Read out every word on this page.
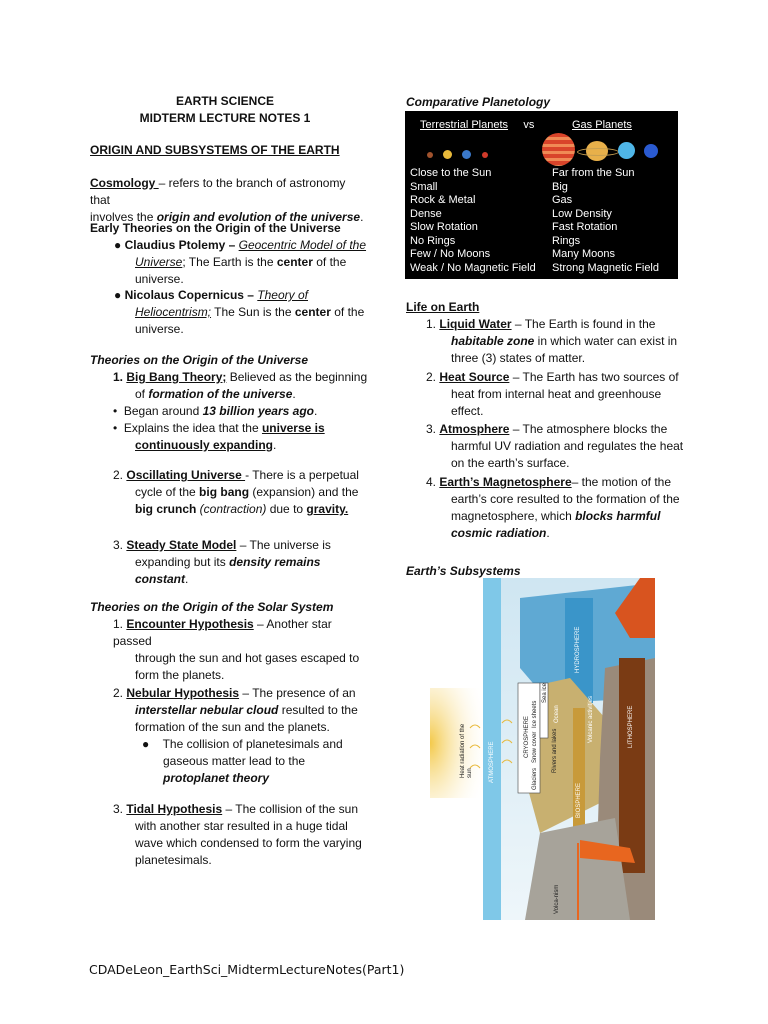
EARTH SCIENCE
MIDTERM LECTURE NOTES 1
ORIGIN AND SUBSYSTEMS OF THE EARTH

Cosmology – refers to the branch of astronomy that

involves the origin and evolution of the universe.

Early Theories on the Origin of the Universe

● Claudius Ptolemy – Geocentric Model of the

Universe; The Earth is the center of the

universe.

● Nicolaus Copernicus – Theory of

Heliocentrism; The Sun is the center of the

universe.

Theories on the Origin of the Universe

1. Big Bang Theory; Believed as the beginning

of formation of the universe.

• Began around 13 billion years ago.

• Explains the idea that the universe is

continuously expanding.

2. Oscillating Universe - There is a perpetual

cycle of the big bang (expansion) and the

big crunch (contraction) due to gravity.

3. Steady State Model – The universe is

expanding but its density remains

constant.

Theories on the Origin of the Solar System

1. Encounter Hypothesis – Another star passed

through the sun and hot gases escaped to

form the planets.

2. Nebular Hypothesis – The presence of an

interstellar nebular cloud resulted to the

formation of the sun and the planets.

● The collision of planetesimals and

gaseous matter lead to the

protoplanet theory

3. Tidal Hypothesis – The collision of the sun

with another star resulted in a huge tidal

wave which condensed to form the varying

planetesimals.

Comparative Planetology
Terrestrial Planets vs	Gas Planets
Close to the Sun
Small
Rock & Metal
Dense
Slow Rotation
No Rings
Few / No Moons
Weak / No Magnetic Field
Far from the Sun
Big
Gas
Low Density
Fast Rotation
Rings
Many Moons
Strong Magnetic Field
Life on Earth

1. Liquid Water – The Earth is found in the

habitable zone in which water can exist in

three (3) states of matter.

2. Heat Source – The Earth has two sources of

heat from internal heat and greenhouse

effect.

3. Atmosphere – The atmosphere blocks the

harmful UV radiation and regulates the heat

on the earth’s surface.

4. Earth’s Magnetosphere– the motion of the

earth’s core resulted to the formation of the

magnetosphere, which blocks harmful

cosmic radiation.

Earth’s Subsystems
ATMOSPHERE
HYDROSPHERE
LITHOSPHERE
BIOSPHERE
CRYOSPHERE
Glaciers
Snow cover
Ice sheets
Sea ice
Ocean
Rivers and lakes
Volcanic activities
Heat radiation of the sun
Volca-nism
CDADeLeon_EarthSci_MidtermLectureNotes(Part1)
